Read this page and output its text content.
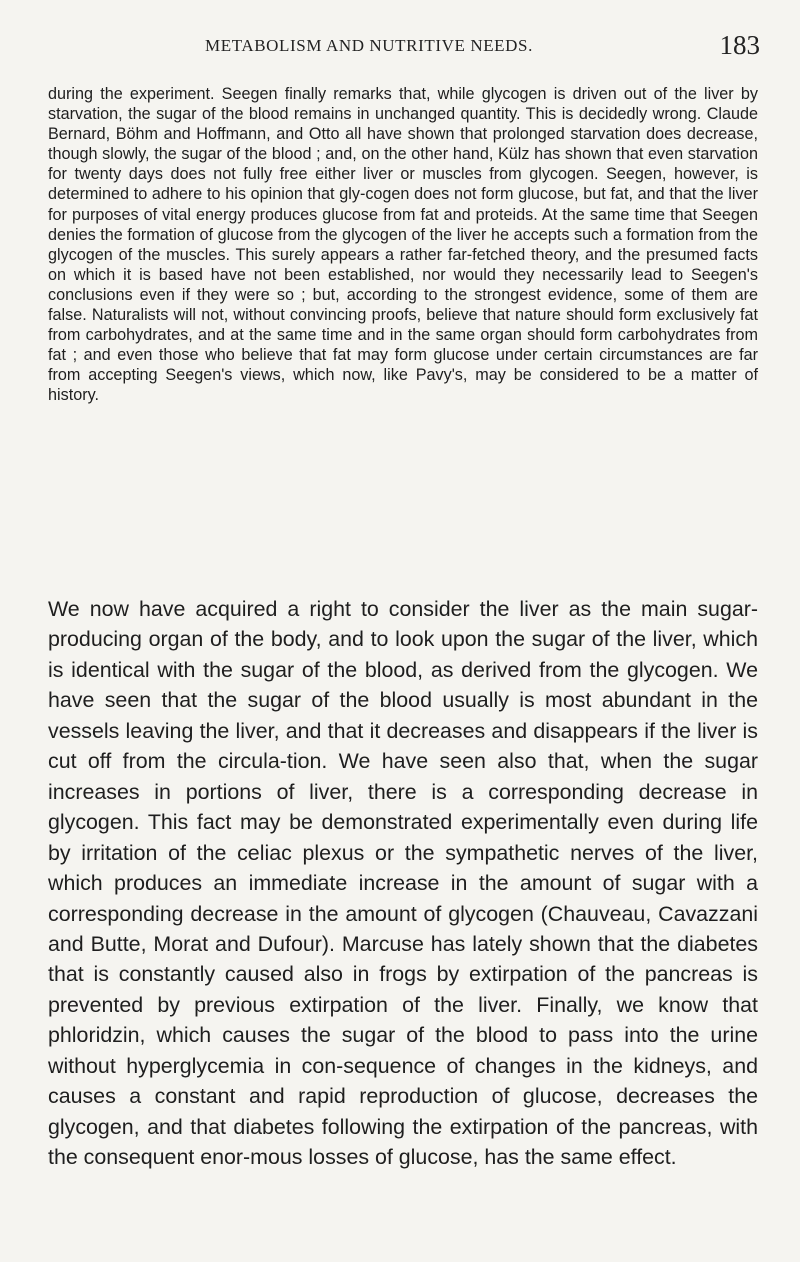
METABOLISM AND NUTRITIVE NEEDS.	183

during the experiment. Seegen finally remarks that, while glycogen is driven out of the liver by starvation, the sugar of the blood remains in unchanged quantity. This is decidedly wrong. Claude Bernard, Böhm and Hoffmann, and Otto all have shown that prolonged starvation does decrease, though slowly, the sugar of the blood ; and, on the other hand, Külz has shown that even starvation for twenty days does not fully free either liver or muscles from glycogen. Seegen, however, is determined to adhere to his opinion that gly-cogen does not form glucose, but fat, and that the liver for purposes of vital energy produces glucose from fat and proteids. At the same time that Seegen denies the formation of glucose from the glycogen of the liver he accepts such a formation from the glycogen of the muscles. This surely appears a rather far-fetched theory, and the presumed facts on which it is based have not been established, nor would they necessarily lead to Seegen's conclusions even if they were so ; but, according to the strongest evidence, some of them are false. Naturalists will not, without convincing proofs, believe that nature should form exclusively fat from carbohydrates, and at the same time and in the same organ should form carbohydrates from fat ; and even those who believe that fat may form glucose under certain circumstances are far from accepting Seegen's views, which now, like Pavy's, may be considered to be a matter of history.

We now have acquired a right to consider the liver as the main sugar-producing organ of the body, and to look upon the sugar of the liver, which is identical with the sugar of the blood, as derived from the glycogen. We have seen that the sugar of the blood usually is most abundant in the vessels leaving the liver, and that it decreases and disappears if the liver is cut off from the circula-tion. We have seen also that, when the sugar increases in portions of liver, there is a corresponding decrease in glycogen. This fact may be demonstrated experimentally even during life by irritation of the celiac plexus or the sympathetic nerves of the liver, which produces an immediate increase in the amount of sugar with a corresponding decrease in the amount of glycogen (Chauveau, Cavazzani and Butte, Morat and Dufour). Marcuse has lately shown that the diabetes that is constantly caused also in frogs by extirpation of the pancreas is prevented by previous extirpation of the liver. Finally, we know that phloridzin, which causes the sugar of the blood to pass into the urine without hyperglycemia in con-sequence of changes in the kidneys, and causes a constant and rapid reproduction of glucose, decreases the glycogen, and that diabetes following the extirpation of the pancreas, with the consequent enor-mous losses of glucose, has the same effect.
